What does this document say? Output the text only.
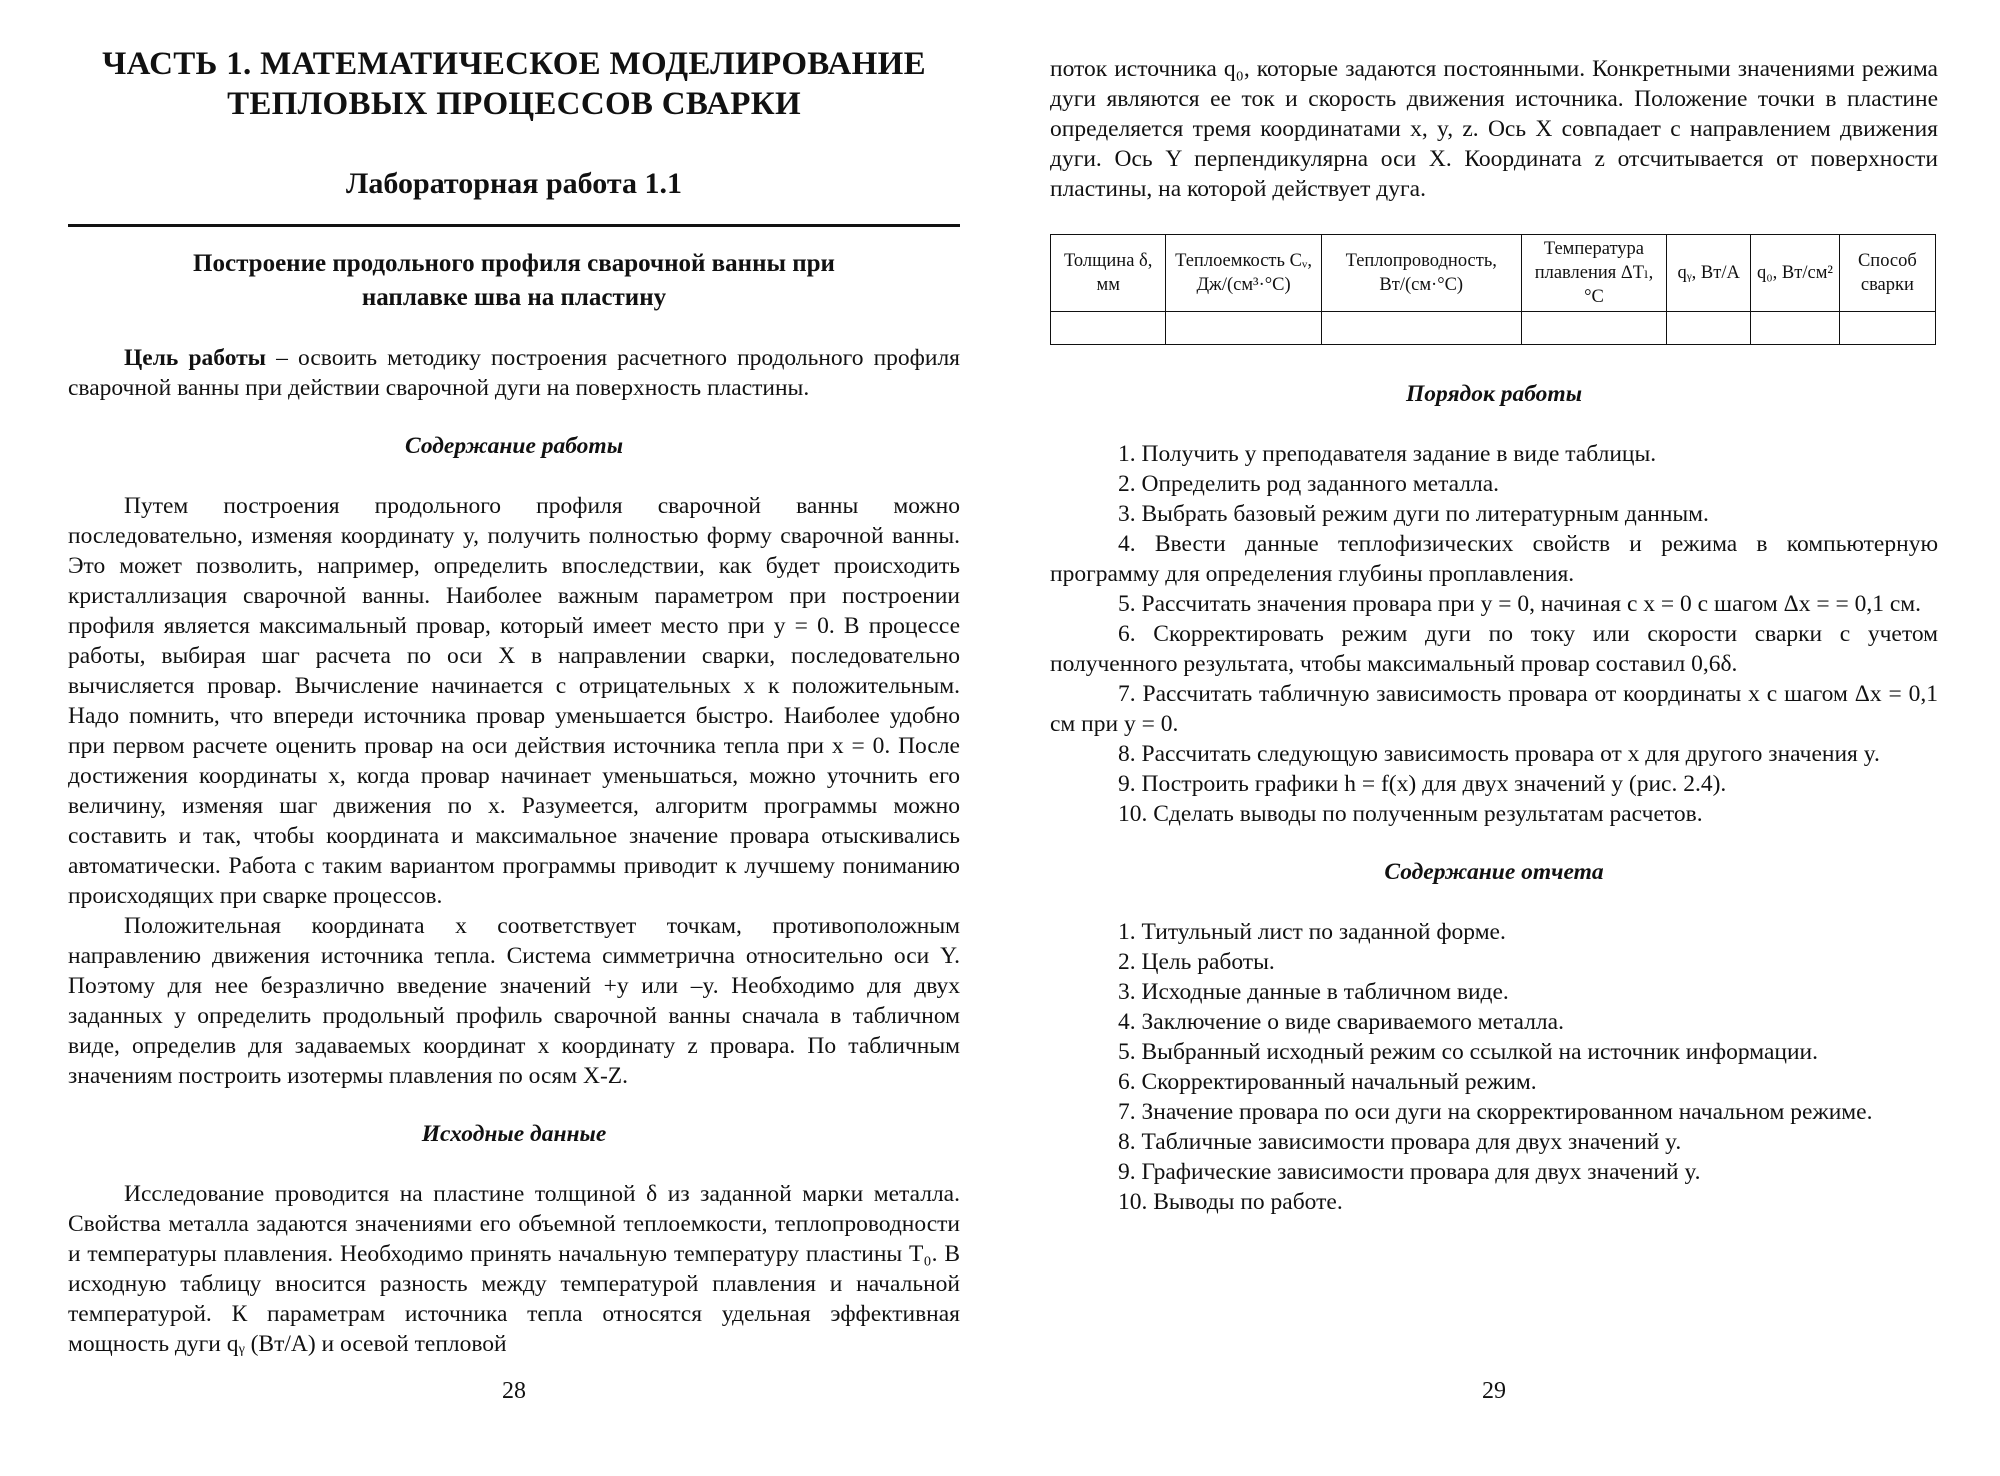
ЧАСТЬ 1. МАТЕМАТИЧЕСКОЕ МОДЕЛИРОВАНИЕ ТЕПЛОВЫХ ПРОЦЕССОВ СВАРКИ
Лабораторная работа 1.1
Построение продольного профиля сварочной ванны при наплавке шва на пластину

Цель работы – освоить методику построения расчетного продольного профиля сварочной ванны при действии сварочной дуги на поверхность пластины.

Содержание работы

Путем построения продольного профиля сварочной ванны можно последовательно, изменяя координату y, получить полностью форму сварочной ванны. Это может позволить, например, определить впоследствии, как будет происходить кристаллизация сварочной ванны. Наиболее важным параметром при построении профиля является максимальный провар, который имеет место при y = 0. В процессе работы, выбирая шаг расчета по оси X в направлении сварки, последовательно вычисляется провар. Вычисление начинается с отрицательных x к положительным. Надо помнить, что впереди источника провар уменьшается быстро. Наиболее удобно при первом расчете оценить провар на оси действия источника тепла при x = 0. После достижения координаты x, когда провар начинает уменьшаться, можно уточнить его величину, изменяя шаг движения по x. Разумеется, алгоритм программы можно составить и так, чтобы координата и максимальное значение провара отыскивались автоматически. Работа с таким вариантом программы приводит к лучшему пониманию происходящих при сварке процессов.

Положительная координата x соответствует точкам, противоположным направлению движения источника тепла. Система симметрична относительно оси Y. Поэтому для нее безразлично введение значений +y или –y. Необходимо для двух заданных y определить продольный профиль сварочной ванны сначала в табличном виде, определив для задаваемых координат x координату z провара. По табличным значениям построить изотермы плавления по осям X-Z.

Исходные данные

Исследование проводится на пластине толщиной δ из заданной марки металла. Свойства металла задаются значениями его объемной теплоемкости, теплопроводности и температуры плавления. Необходимо принять начальную температуру пластины T₀. В исходную таблицу вносится разность между температурой плавления и начальной температурой. К параметрам источника тепла относятся удельная эффективная мощность дуги qᵧ (Вт/А) и осевой тепловой

28

поток источника q₀, которые задаются постоянными. Конкретными значениями режима дуги являются ее ток и скорость движения источника. Положение точки в пластине определяется тремя координатами x, y, z. Ось X совпадает с направлением движения дуги. Ось Y перпендикулярна оси X. Координата z отсчитывается от поверхности пластины, на которой действует дуга.

Толщина δ, мм	Теплоемкость Cᵥ, Дж/(см³·°С)	Теплопроводность, Вт/(см·°С)	Температура плавления ΔTₗ, °С	qᵧ, Вт/А	q₀, Вт/см²	Способ сварки

Порядок работы
1. Получить у преподавателя задание в виде таблицы.
2. Определить род заданного металла.
3. Выбрать базовый режим дуги по литературным данным.
4. Ввести данные теплофизических свойств и режима в компьютерную программу для определения глубины проплавления.
5. Рассчитать значения провара при y = 0, начиная с x = 0 с шагом Δx = = 0,1 см.
6. Скорректировать режим дуги по току или скорости сварки с учетом полученного результата, чтобы максимальный провар составил 0,6δ.
7. Рассчитать табличную зависимость провара от координаты x с шагом Δx = 0,1 см при y = 0.
8. Рассчитать следующую зависимость провара от x для другого значения y.
9. Построить графики h = f(x) для двух значений y (рис. 2.4).
10. Сделать выводы по полученным результатам расчетов.
Содержание отчета
1. Титульный лист по заданной форме.
2. Цель работы.
3. Исходные данные в табличном виде.
4. Заключение о виде свариваемого металла.
5. Выбранный исходный режим со ссылкой на источник информации.
6. Скорректированный начальный режим.
7. Значение провара по оси дуги на скорректированном начальном режиме.
8. Табличные зависимости провара для двух значений y.
9. Графические зависимости провара для двух значений y.
10. Выводы по работе.
29
